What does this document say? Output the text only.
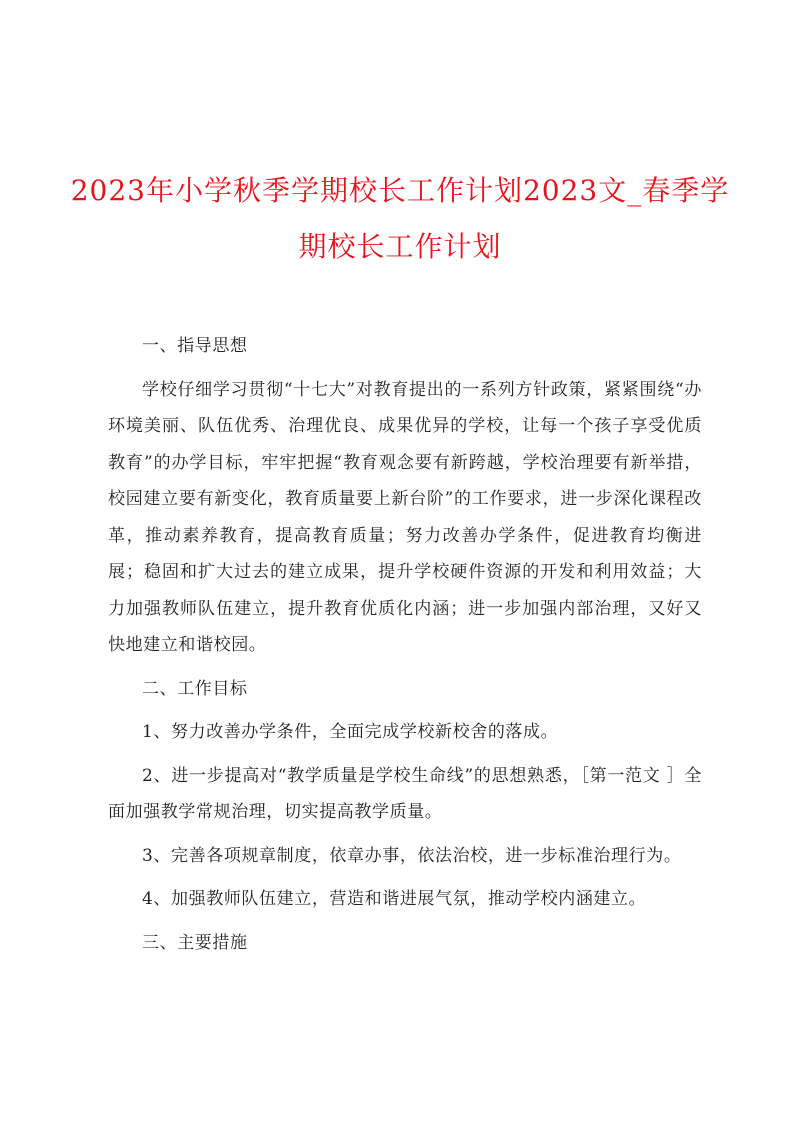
2023年小学秋季学期校长工作计划2023文_春季学期校长工作计划

一、指导思想

学校仔细学习贯彻“十七大”对教育提出的一系列方针政策，紧紧围绕“办环境美丽、队伍优秀、治理优良、成果优异的学校，让每一个孩子享受优质教育”的办学目标，牢牢把握“教育观念要有新跨越，学校治理要有新举措，校园建立要有新变化，教育质量要上新台阶”的工作要求，进一步深化课程改革，推动素养教育，提高教育质量；努力改善办学条件，促进教育均衡进展；稳固和扩大过去的建立成果，提升学校硬件资源的开发和利用效益；大力加强教师队伍建立，提升教育优质化内涵；进一步加强内部治理，又好又快地建立和谐校园。

二、工作目标

1、努力改善办学条件，全面完成学校新校舍的落成。

2、进一步提高对“教学质量是学校生命线”的思想熟悉，［第一范文 ］全面加强教学常规治理，切实提高教学质量。

3、完善各项规章制度，依章办事，依法治校，进一步标准治理行为。

4、加强教师队伍建立，营造和谐进展气氛，推动学校内涵建立。

三、主要措施
